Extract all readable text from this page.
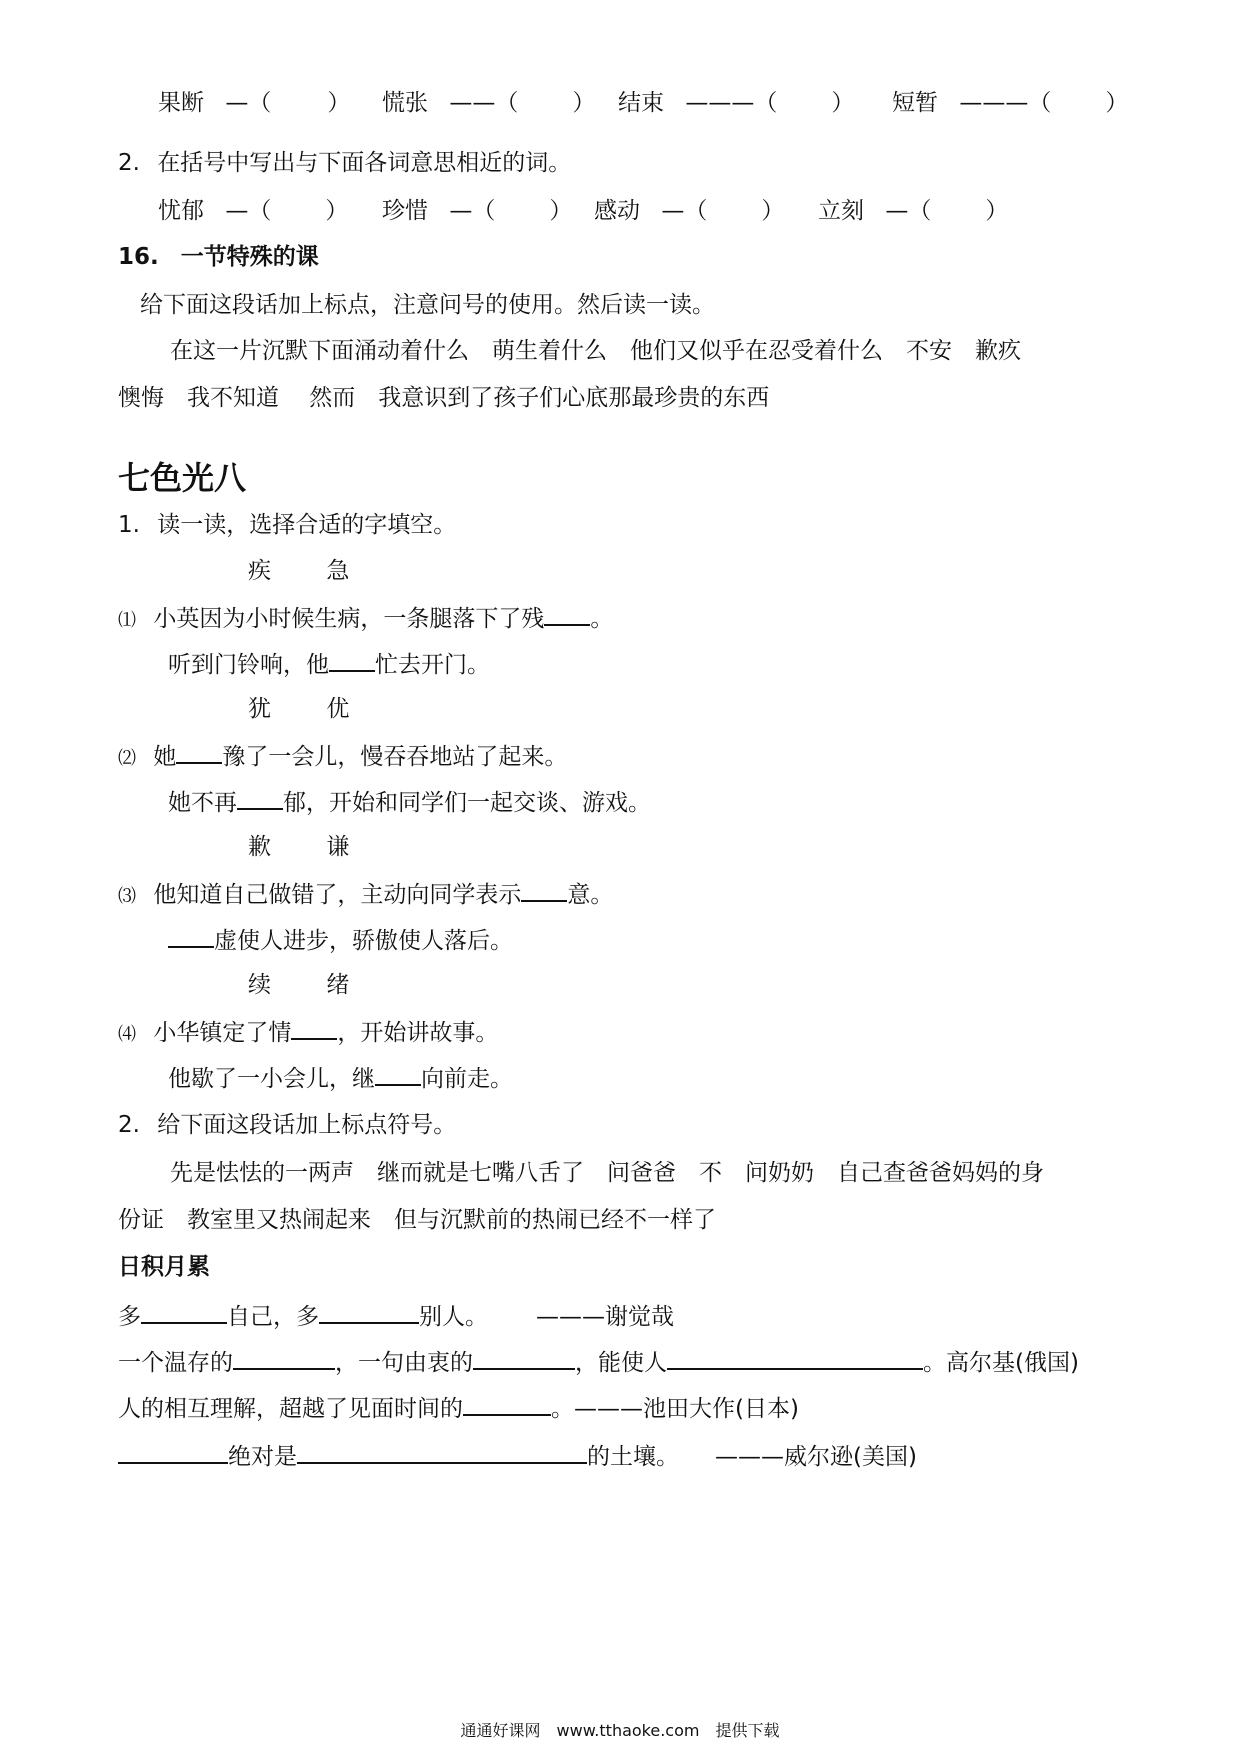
果断 —（ ） 慌张 ——（ ） 结束 ———（ ） 短暂 ———（ ）
2. 在括号中写出与下面各词意思相近的词。
忧郁 —（ ） 珍惜 —（ ） 感动 —（ ） 立刻 —（ ）
16. 一节特殊的课
给下面这段话加上标点，注意问号的使用。然后读一读。
在这一片沉默下面涌动着什么　萌生着什么　他们又似乎在忍受着什么　不安　歉疚
懊悔　我不知道　 然而　我意识到了孩子们心底那最珍贵的东西
七色光八
1. 读一读，选择合适的字填空。
疾 急
⑴ 小英因为小时候生病，一条腿落下了残 。
听到门铃响，他 忙去开门。
犹 优
⑵ 她 豫了一会儿，慢吞吞地站了起来。
她不再 郁，开始和同学们一起交谈、游戏。
歉 谦
⑶ 他知道自己做错了，主动向同学表示 意。
虚使人进步，骄傲使人落后。
续 绪
⑷ 小华镇定了情 ，开始讲故事。
他歇了一小会儿，继 向前走。
2. 给下面这段话加上标点符号。
先是怯怯的一两声　继而就是七嘴八舌了　问爸爸　不　问奶奶　自己查爸爸妈妈的身
份证　教室里又热闹起来　但与沉默前的热闹已经不一样了
日积月累
多	自己，多	别人。 ———谢觉哉
一个温存的	，一句由衷的	，能使人	。高尔基(俄国)
人的相互理解，超越了见面时间的	。———池田大作(日本)
绝对是	的土壤。 ———威尔逊(美国)
通通好课网　www.tthaoke.com　提供下载
